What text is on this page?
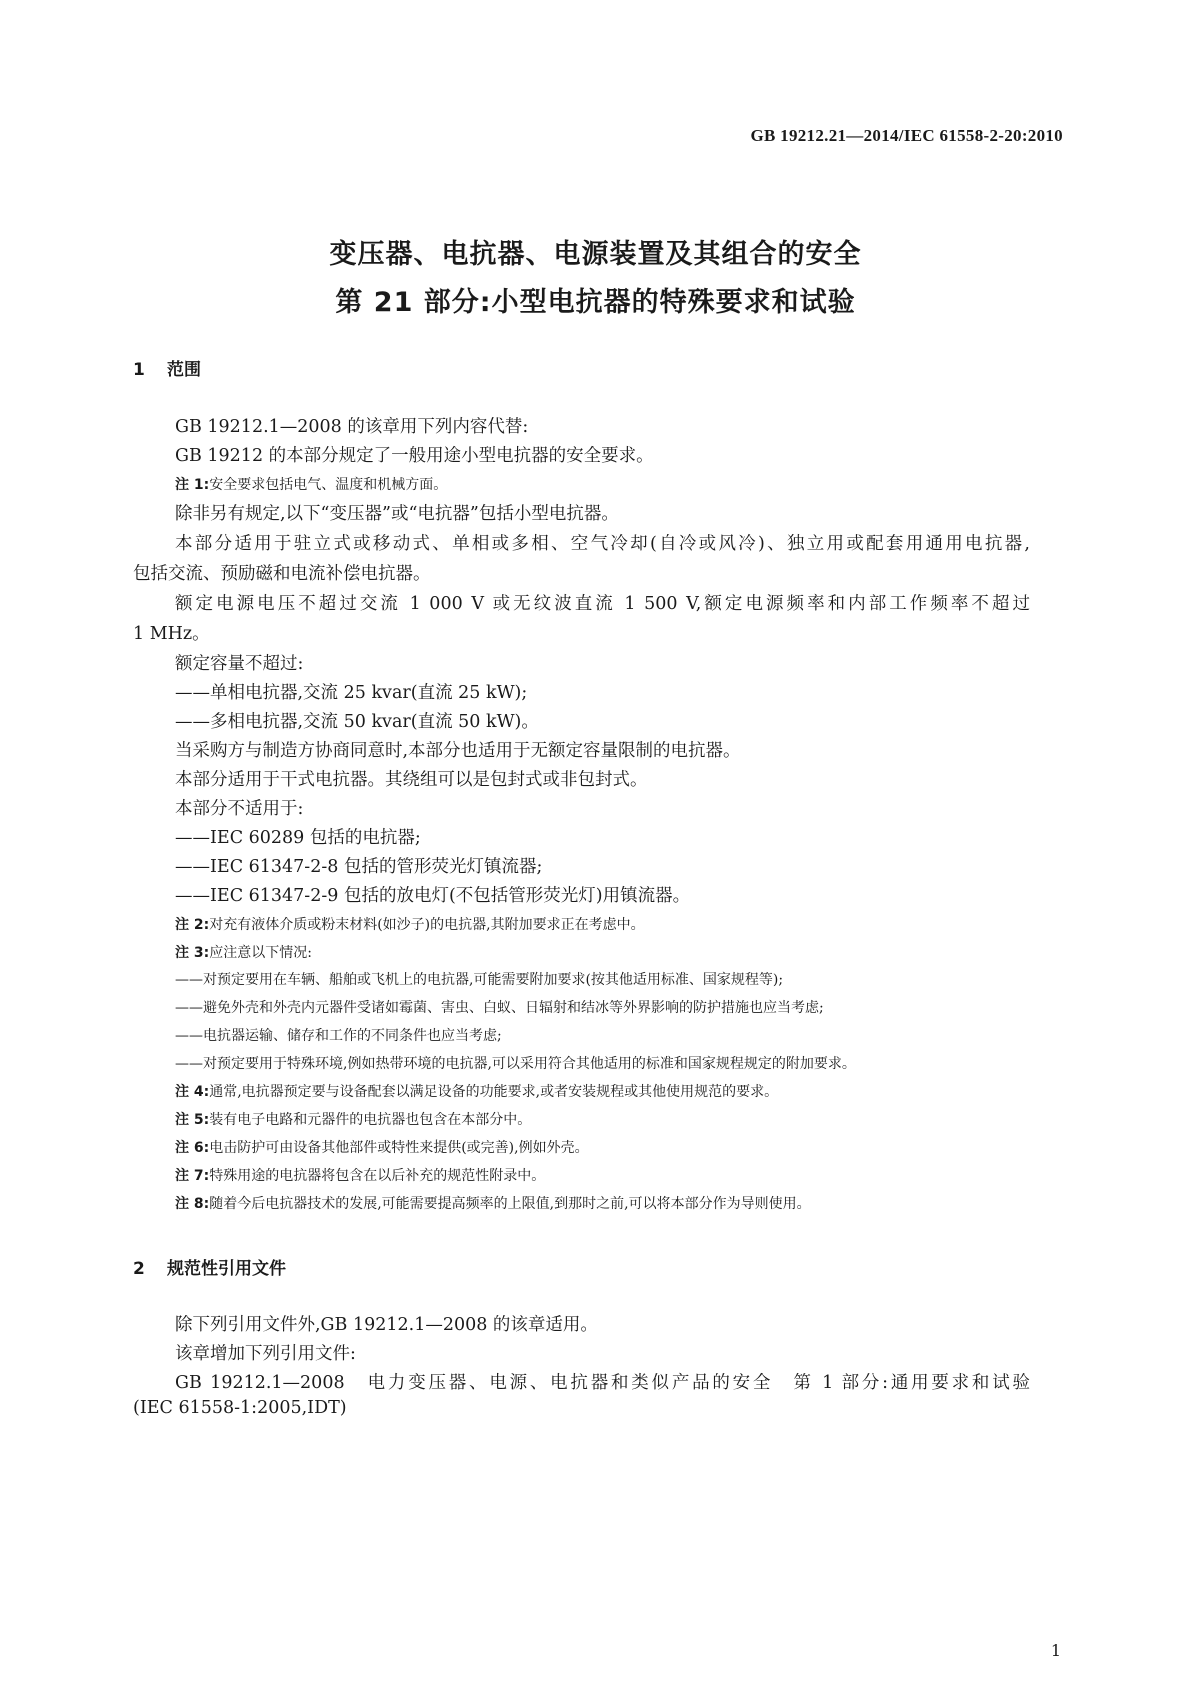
GB 19212.21—2014/IEC 61558-2-20:2010
变压器、电抗器、电源装置及其组合的安全
第 21 部分:小型电抗器的特殊要求和试验
1 范围
GB 19212.1—2008 的该章用下列内容代替:
GB 19212 的本部分规定了一般用途小型电抗器的安全要求。
注 1:安全要求包括电气、温度和机械方面。
除非另有规定,以下“变压器”或“电抗器”包括小型电抗器。
本部分适用于驻立式或移动式、单相或多相、空气冷却(自冷或风冷)、独立用或配套用通用电抗器,
包括交流、预励磁和电流补偿电抗器。
额定电源电压不超过交流 1 000 V 或无纹波直流 1 500 V,额定电源频率和内部工作频率不超过
1 MHz。
额定容量不超过:
——单相电抗器,交流 25 kvar(直流 25 kW);
——多相电抗器,交流 50 kvar(直流 50 kW)。
当采购方与制造方协商同意时,本部分也适用于无额定容量限制的电抗器。
本部分适用于干式电抗器。其绕组可以是包封式或非包封式。
本部分不适用于:
——IEC 60289 包括的电抗器;
——IEC 61347-2-8 包括的管形荧光灯镇流器;
——IEC 61347-2-9 包括的放电灯(不包括管形荧光灯)用镇流器。
注 2:对充有液体介质或粉末材料(如沙子)的电抗器,其附加要求正在考虑中。
注 3:应注意以下情况:
——对预定要用在车辆、船舶或飞机上的电抗器,可能需要附加要求(按其他适用标准、国家规程等);
——避免外壳和外壳内元器件受诸如霉菌、害虫、白蚁、日辐射和结冰等外界影响的防护措施也应当考虑;
——电抗器运输、储存和工作的不同条件也应当考虑;
——对预定要用于特殊环境,例如热带环境的电抗器,可以采用符合其他适用的标准和国家规程规定的附加要求。
注 4:通常,电抗器预定要与设备配套以满足设备的功能要求,或者安装规程或其他使用规范的要求。
注 5:装有电子电路和元器件的电抗器也包含在本部分中。
注 6:电击防护可由设备其他部件或特性来提供(或完善),例如外壳。
注 7:特殊用途的电抗器将包含在以后补充的规范性附录中。
注 8:随着今后电抗器技术的发展,可能需要提高频率的上限值,到那时之前,可以将本部分作为导则使用。
2 规范性引用文件
除下列引用文件外,GB 19212.1—2008 的该章适用。
该章增加下列引用文件:
GB 19212.1—2008　电力变压器、电源、电抗器和类似产品的安全　第 1 部分:通用要求和试验
(IEC 61558-1:2005,IDT)
1
